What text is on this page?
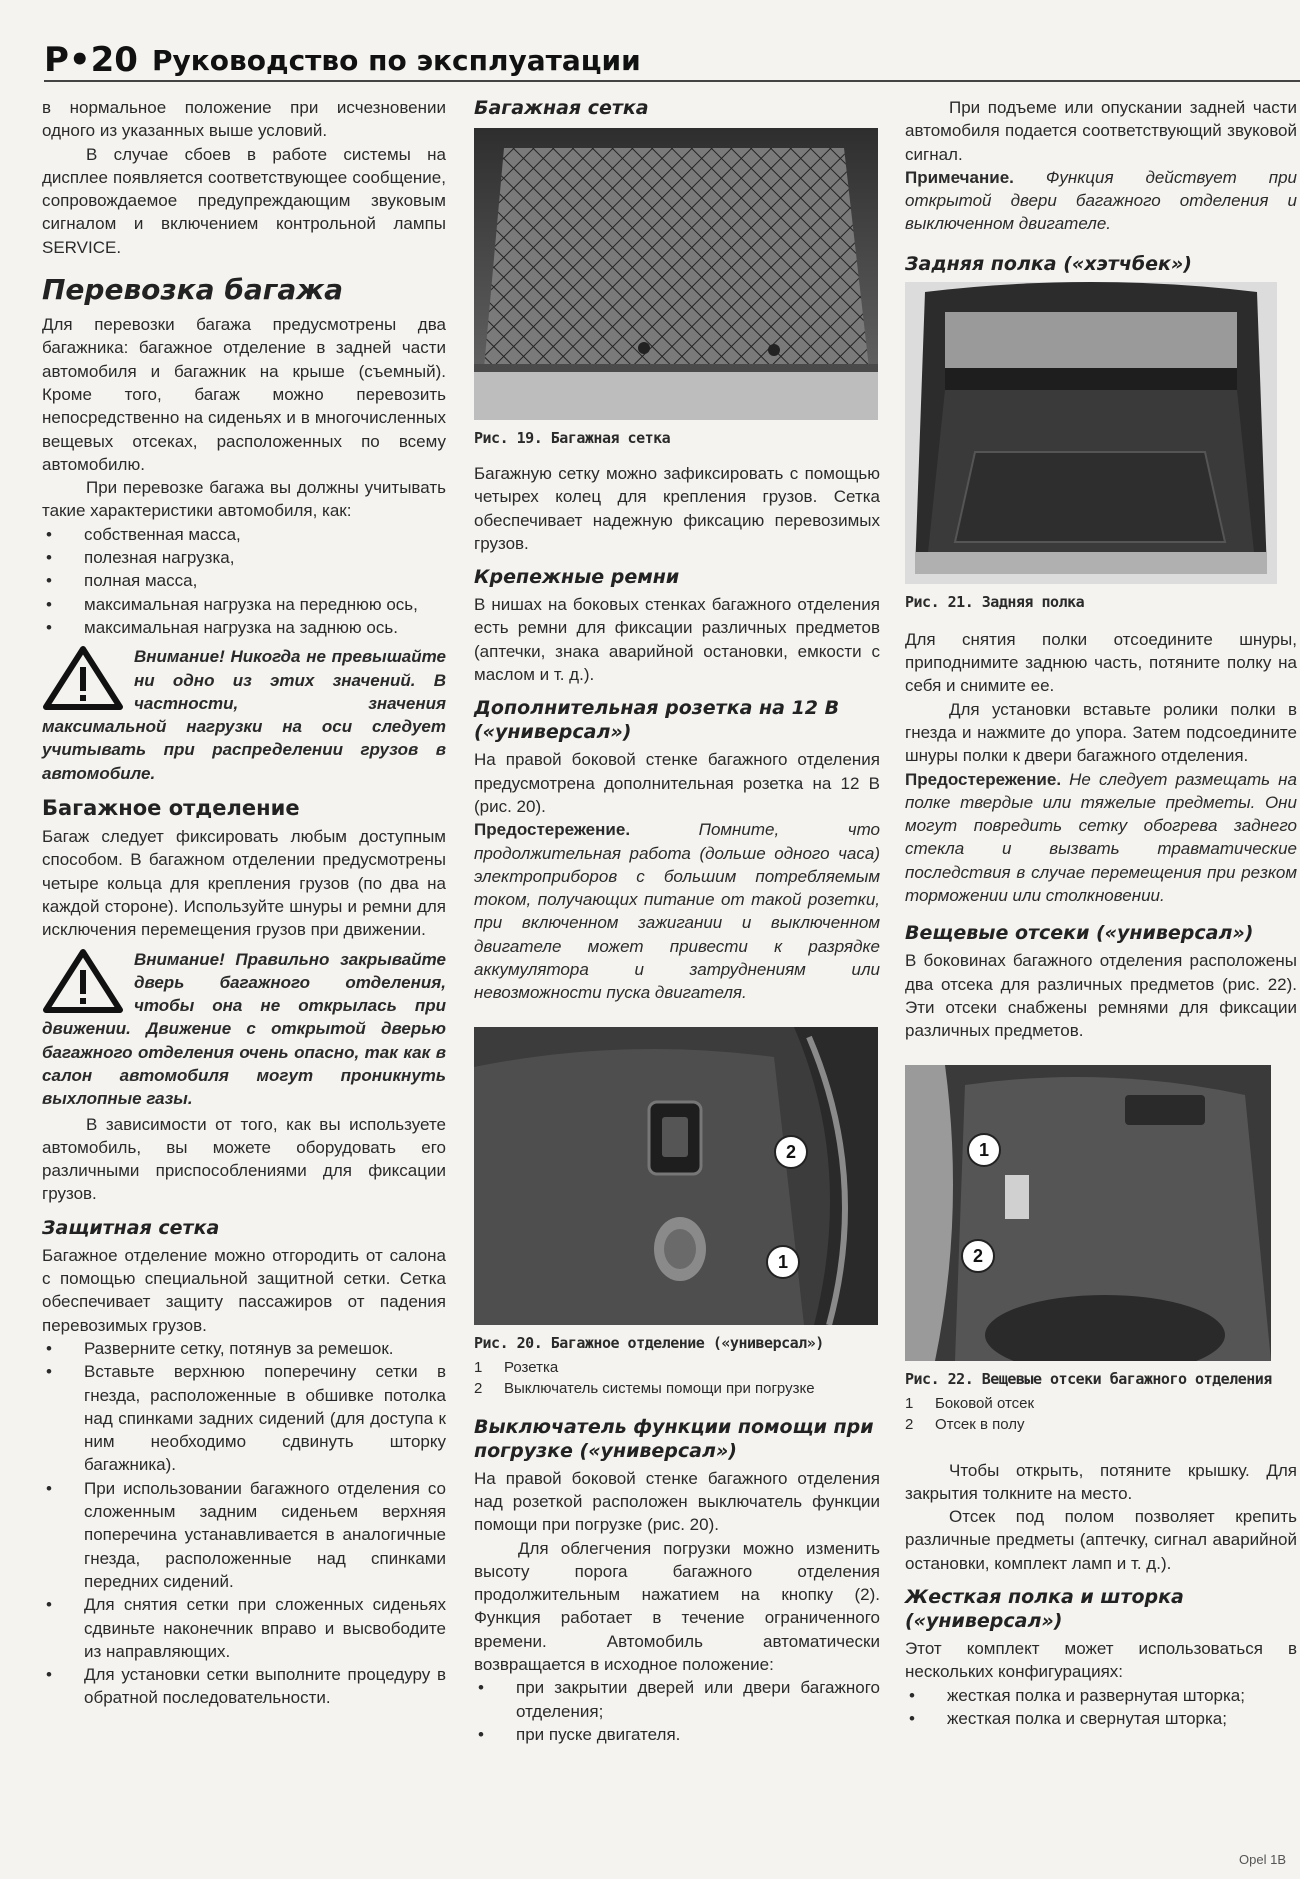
Р•20 Руководство по эксплуатации

в нормальное положение при исчезновении одного из указанных выше условий.

В случае сбоев в работе системы на дисплее появляется соответствующее сообщение, сопровождаемое предупреждающим звуковым сигналом и включением контрольной лампы SERVICE.

Перевозка багажа

Для перевозки багажа предусмотрены два багажника: багажное отделение в задней части автомобиля и багажник на крыше (съемный). Кроме того, багаж можно перевозить непосредственно на сиденьях и в многочисленных вещевых отсеках, расположенных по всему автомобилю.

При перевозке багажа вы должны учитывать такие характеристики автомобиля, как:

• собственная масса,
• полезная нагрузка,
• полная масса,
• максимальная нагрузка на переднюю ось,
• максимальная нагрузка на заднюю ось.

Внимание! Никогда не превышайте ни одно из этих значений. В частности, значения максимальной нагрузки на оси следует учитывать при распределении грузов в автомобиле.

Багажное отделение

Багаж следует фиксировать любым доступным способом. В багажном отделении предусмотрены четыре кольца для крепления грузов (по два на каждой стороне). Используйте шнуры и ремни для исключения перемещения грузов при движении.

Внимание! Правильно закрывайте дверь багажного отделения, чтобы она не открылась при движении. Движение с открытой дверью багажного отделения очень опасно, так как в салон автомобиля могут проникнуть выхлопные газы.

В зависимости от того, как вы используете автомобиль, вы можете оборудовать его различными приспособлениями для фиксации грузов.

Защитная сетка

Багажное отделение можно отгородить от салона с помощью специальной защитной сетки. Сетка обеспечивает защиту пассажиров от падения перевозимых грузов.

• Разверните сетку, потянув за ремешок.
• Вставьте верхнюю поперечину сетки в гнезда, расположенные в обшивке потолка над спинками задних сидений (для доступа к ним необходимо сдвинуть шторку багажника).
• При использовании багажного отделения со сложенным задним сиденьем верхняя поперечина устанавливается в аналогичные гнезда, расположенные над спинками передних сидений.
• Для снятия сетки при сложенных сиденьях сдвиньте наконечник вправо и высвободите из направляющих.
• Для установки сетки выполните процедуру в обратной последовательности.
Багажная сетка
Рис. 19. Багажная сетка

Багажную сетку можно зафиксировать с помощью четырех колец для крепления грузов. Сетка обеспечивает надежную фиксацию перевозимых грузов.

Крепежные ремни

В нишах на боковых стенках багажного отделения есть ремни для фиксации различных предметов (аптечки, знака аварийной остановки, емкости с маслом и т. д.).

Дополнительная розетка на 12 В («универсал»)

На правой боковой стенке багажного отделения предусмотрена дополнительная розетка на 12 В (рис. 20).

Предостережение.	Помните, что продолжительная работа (дольше одного часа) электроприборов с большим потребляемым током, получающих питание от такой розетки, при включенном зажигании и выключенном двигателе может привести к разрядке аккумулятора и затруднениям или невозможности пуска двигателя.

2
1
Рис. 20. Багажное отделение («универсал»)
1 Розетка
2 Выключатель системы помощи при погрузке
Выключатель функции помощи при погрузке («универсал»)

На правой боковой стенке багажного отделения над розеткой расположен выключатель функции помощи при погрузке (рис. 20).

Для облегчения погрузки можно изменить высоту порога багажного отделения продолжительным нажатием на кнопку (2). Функция работает в течение ограниченного времени. Автомобиль автоматически возвращается в исходное положение:

• при закрытии дверей или двери багажного отделения;
• при пуске двигателя.

При подъеме или опускании задней части автомобиля подается соответствующий звуковой сигнал.

Примечание. Функция действует при открытой двери багажного отделения и выключенном двигателе.

Задняя полка («хэтчбек»)
Рис. 21. Задняя полка

Для снятия полки отсоедините шнуры, приподнимите заднюю часть, потяните полку на себя и снимите ее.

Для установки вставьте ролики полки в гнезда и нажмите до упора. Затем подсоедините шнуры полки к двери багажного отделения.

Предостережение. Не следует размещать на полке твердые или тяжелые предметы. Они могут повредить сетку обогрева заднего стекла и вызвать травматические последствия в случае перемещения при резком торможении или столкновении.

Вещевые отсеки («универсал»)

В боковинах багажного отделения расположены два отсека для различных предметов (рис. 22). Эти отсеки снабжены ремнями для фиксации различных предметов.

1
2
Рис. 22. Вещевые отсеки багажного отделения
1 Боковой отсек
2 Отсек в полу

Чтобы открыть, потяните крышку. Для закрытия толкните на место.

Отсек под полом позволяет крепить различные предметы (аптечку, сигнал аварийной остановки, комплект ламп и т. д.).

Жесткая полка и шторка («универсал»)

Этот комплект может использоваться в нескольких конфигурациях:

• жесткая полка и развернутая шторка;
• жесткая полка и свернутая шторка;
Opel 1В
